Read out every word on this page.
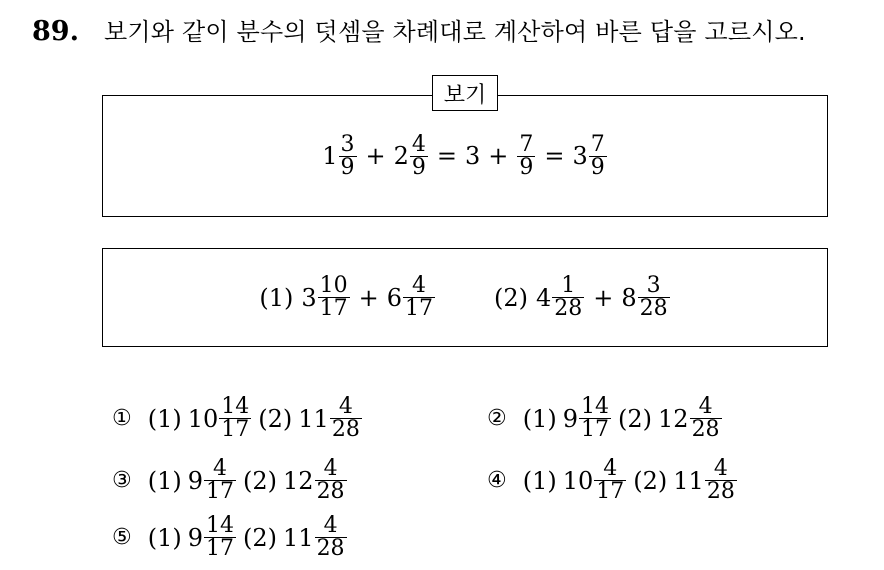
89.	보기와 같이 분수의 덧셈을 차례대로 계산하여 바른 답을 고르시오.
보기
$1 \frac{3}{9} + 2 \frac{4}{9} = 3 + \frac{7}{9} = 3 \frac{7}{9}$
(1) $3 \frac{10}{17} + 6 \frac{4}{17} (2)$ $4 \frac{1}{28} + 8 \frac{3}{28}$
① (1) $10 \frac{14}{17} (2)$ $11 \frac{4}{28}$	② (1) $9 \frac{14}{17} (2)$ $12 \frac{4}{28}$
③ (1) $9 \frac{4}{17} (2)$ $12 \frac{4}{28}$	④ (1) $10 \frac{4}{17} (2)$ $11 \frac{4}{28}$
⑤ (1) $9 \frac{14}{17} (2)$ $11 \frac{4}{28}$
